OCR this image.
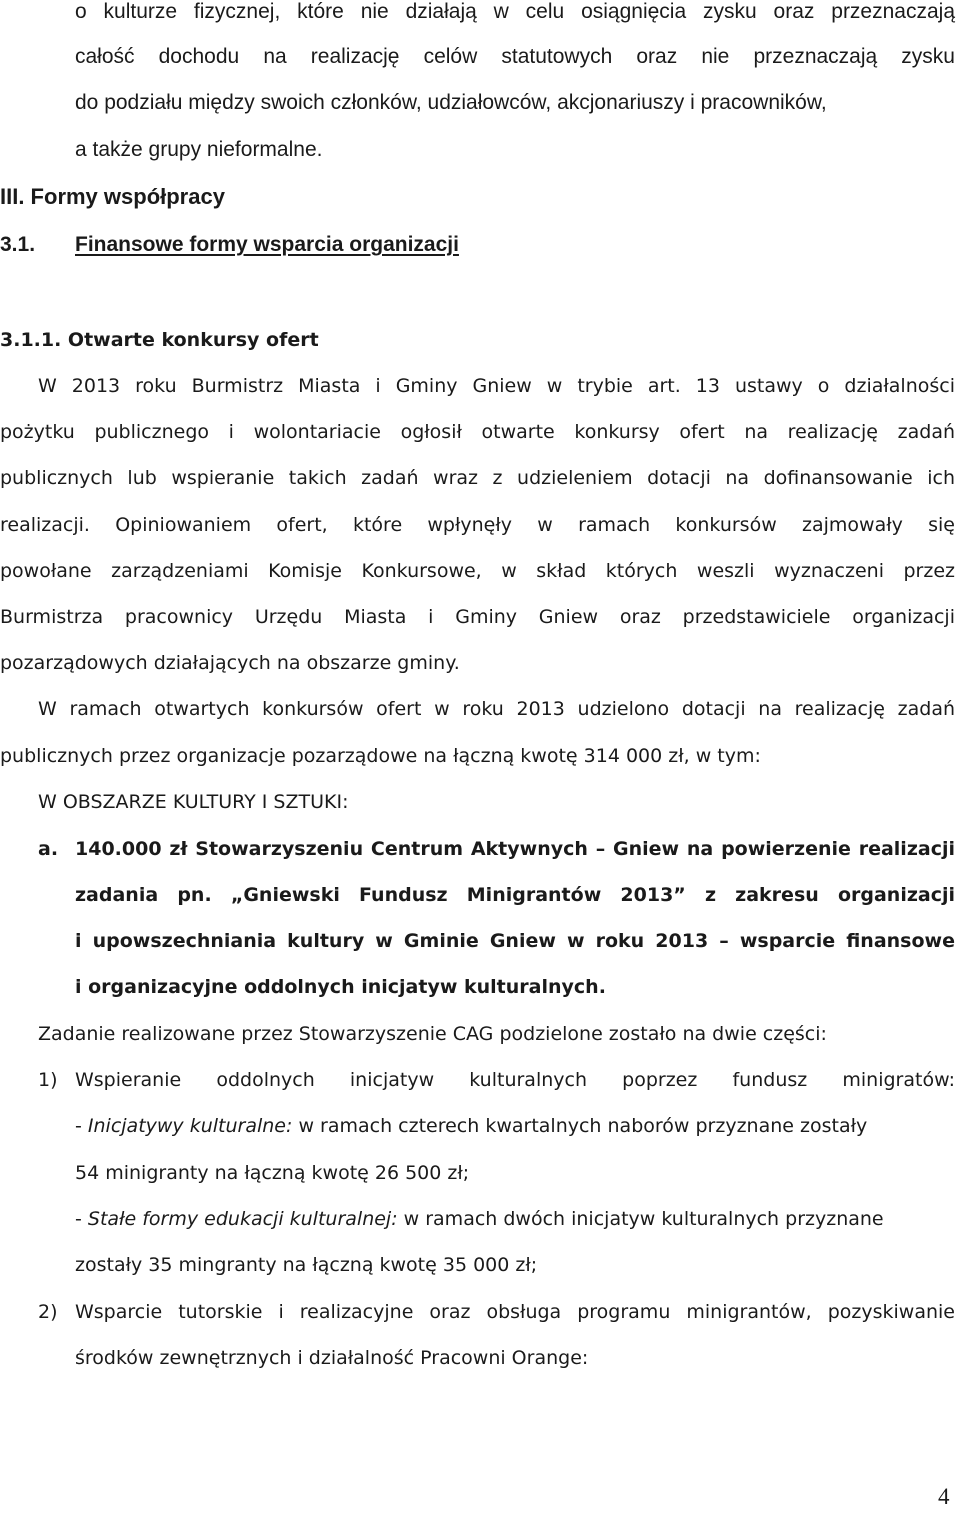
o kulturze fizycznej, które nie działają w celu osiągnięcia zysku oraz przeznaczają
całość dochodu na realizację celów statutowych oraz nie przeznaczają zysku
do podziału między swoich członków, udziałowców, akcjonariuszy i pracowników,
a także grupy nieformalne.
III. Formy współpracy
3.1. Finansowe formy wsparcia organizacji
3.1.1. Otwarte konkursy ofert
W 2013 roku Burmistrz Miasta i Gminy Gniew w trybie art. 13 ustawy o działalności
pożytku publicznego i wolontariacie ogłosił otwarte konkursy ofert na realizację zadań
publicznych lub wspieranie takich zadań wraz z udzieleniem dotacji na dofinansowanie ich
realizacji. Opiniowaniem ofert, które wpłynęły w ramach konkursów zajmowały się
powołane zarządzeniami Komisje Konkursowe, w skład których weszli wyznaczeni przez
Burmistrza pracownicy Urzędu Miasta i Gminy Gniew oraz przedstawiciele organizacji
pozarządowych działających na obszarze gminy.
W ramach otwartych konkursów ofert w roku 2013 udzielono dotacji na realizację zadań
publicznych przez organizacje pozarządowe na łączną kwotę 314 000 zł, w tym:
W OBSZARZE KULTURY I SZTUKI:
a. 140.000 zł Stowarzyszeniu Centrum Aktywnych – Gniew na powierzenie realizacji
zadania pn. „Gniewski Fundusz Minigrantów 2013” z zakresu organizacji
i upowszechniania kultury w Gminie Gniew w roku 2013 – wsparcie finansowe
i organizacyjne oddolnych inicjatyw kulturalnych.
Zadanie realizowane przez Stowarzyszenie CAG podzielone zostało na dwie części:
1) Wspieranie oddolnych inicjatyw kulturalnych poprzez fundusz minigratów:
- Inicjatywy kulturalne: w ramach czterech kwartalnych naborów przyznane zostały
54 minigranty na łączną kwotę 26 500 zł;
- Stałe formy edukacji kulturalnej: w ramach dwóch inicjatyw kulturalnych przyznane
zostały 35 mingranty na łączną kwotę 35 000 zł;
2) Wsparcie tutorskie i realizacyjne oraz obsługa programu minigrantów, pozyskiwanie
środków zewnętrznych i działalność Pracowni Orange:
4
